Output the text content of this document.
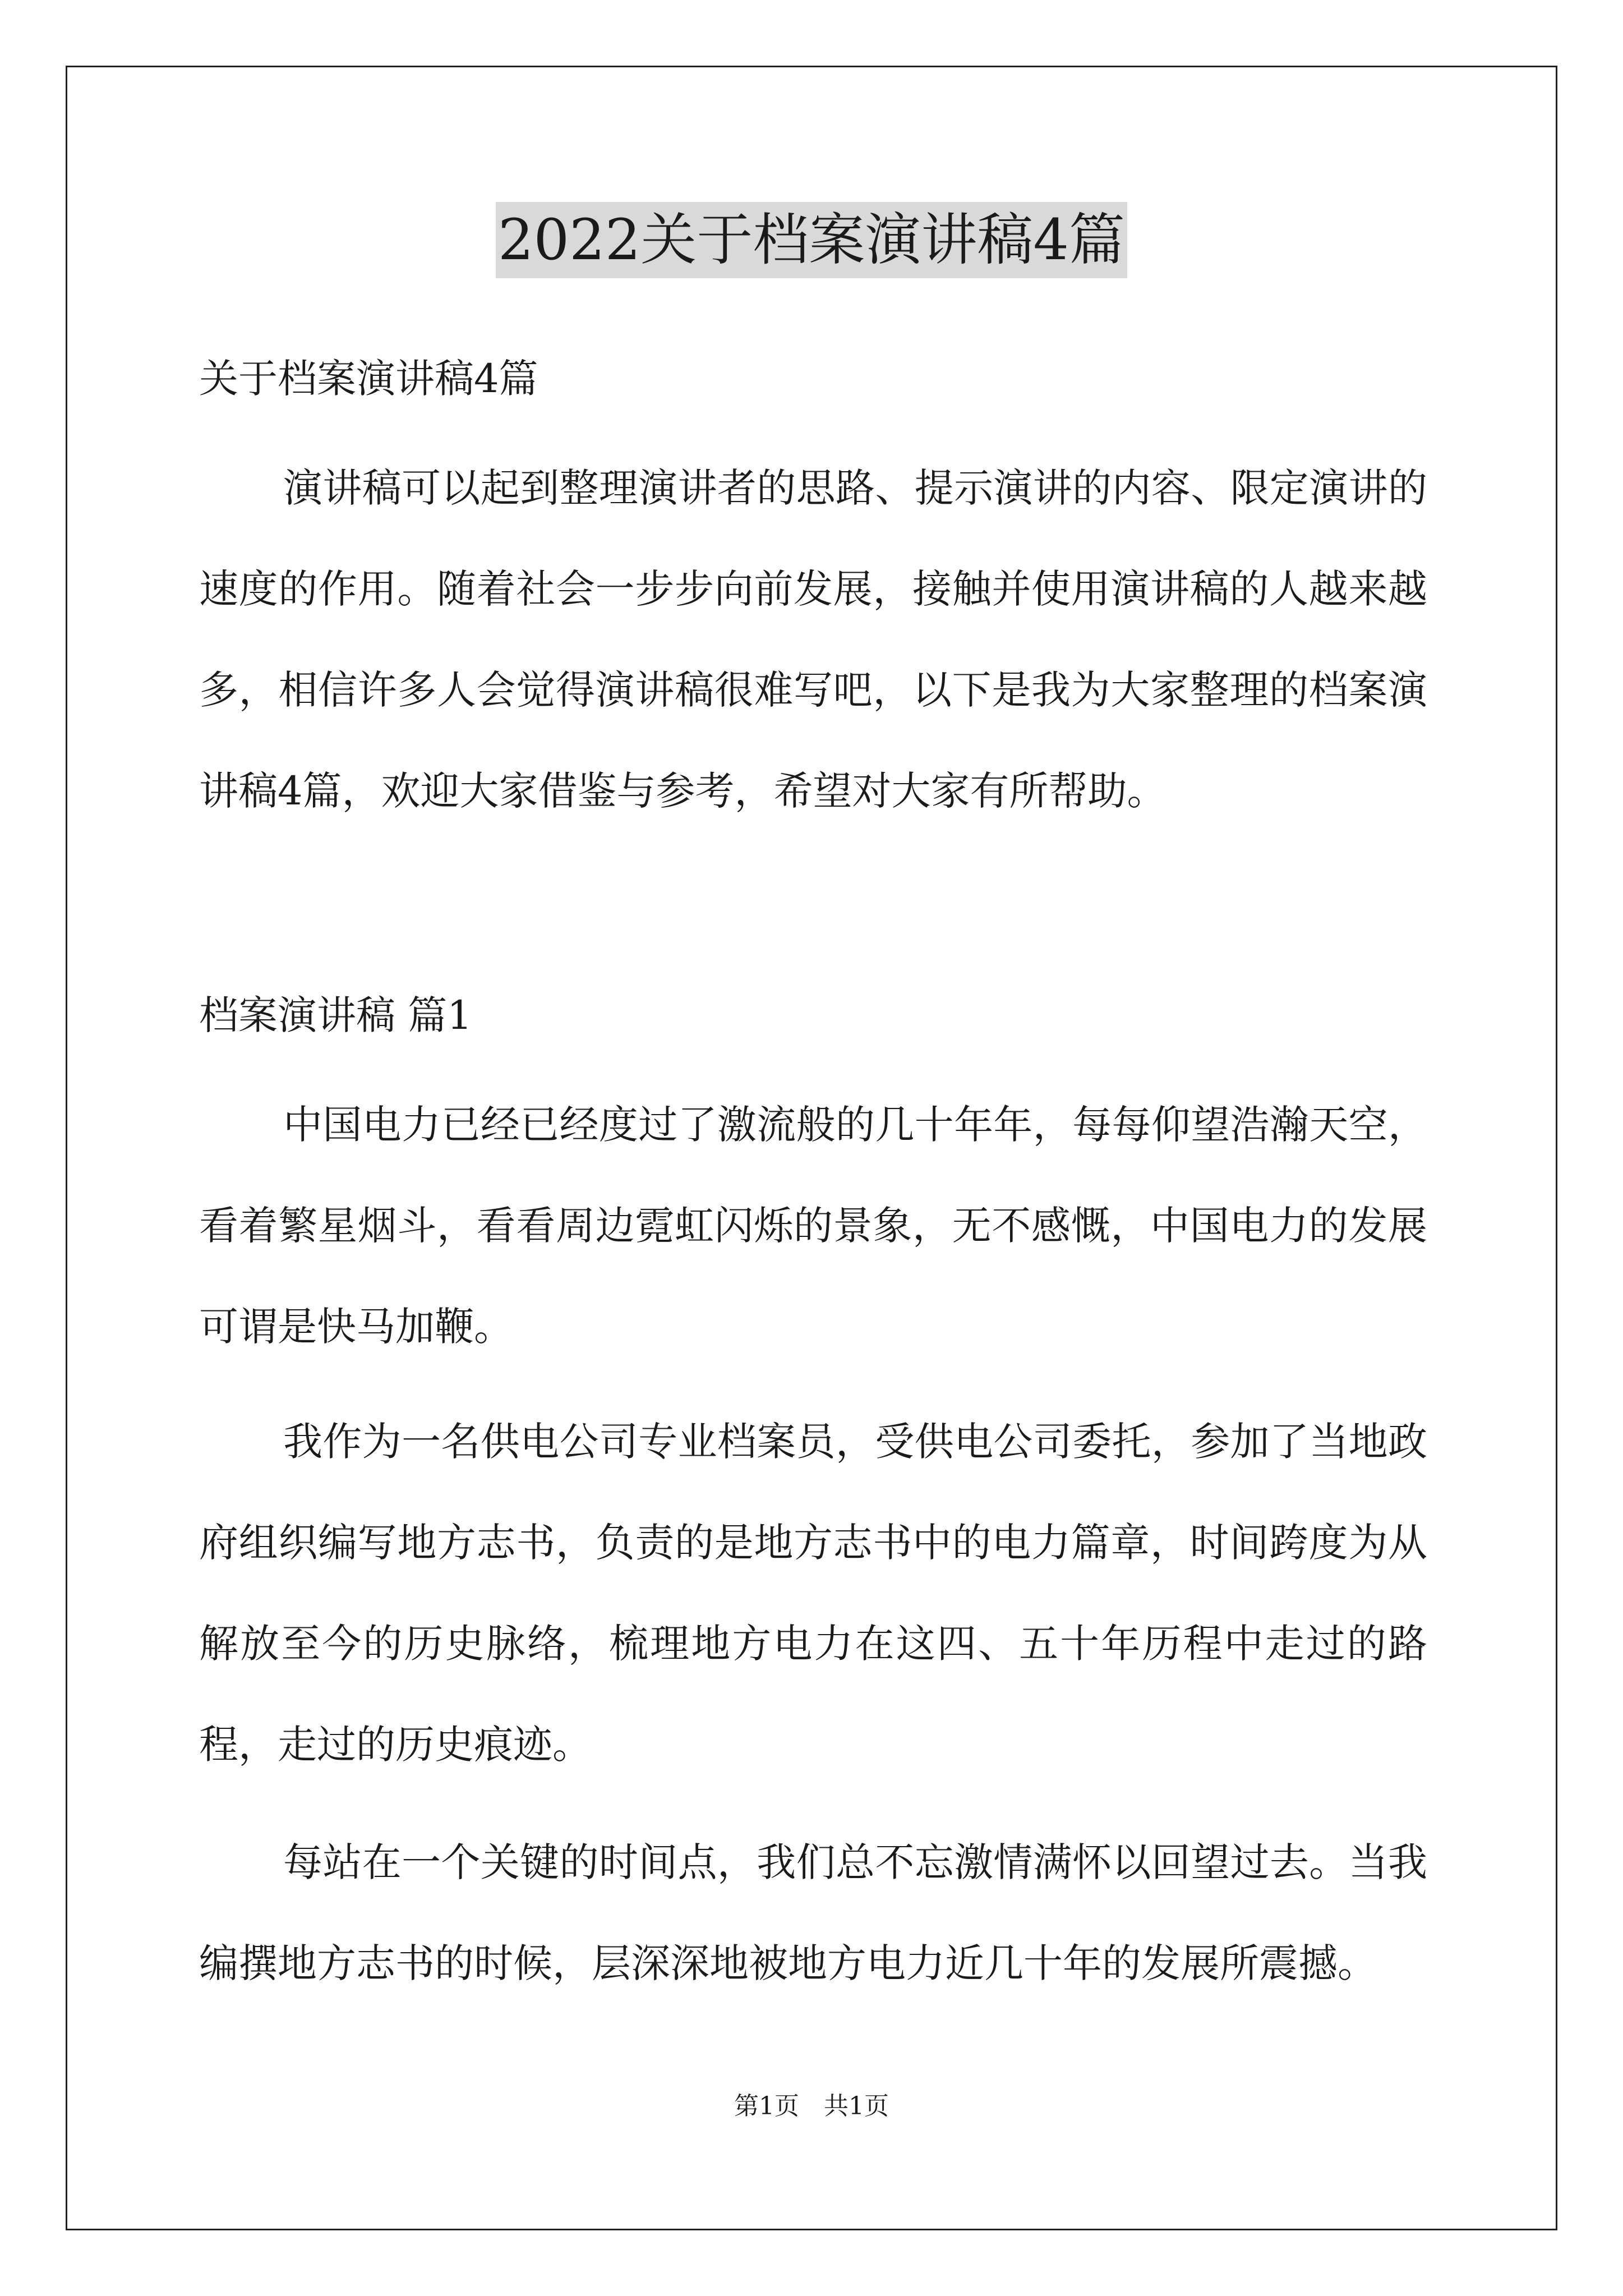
2022关于档案演讲稿4篇
关于档案演讲稿4篇

演讲稿可以起到整理演讲者的思路、提示演讲的内容、限定演讲的速度的作用。随着社会一步步向前发展，接触并使用演讲稿的人越来越多，相信许多人会觉得演讲稿很难写吧，以下是我为大家整理的档案演讲稿4篇，欢迎大家借鉴与参考，希望对大家有所帮助。

档案演讲稿 篇1

中国电力已经已经度过了激流般的几十年年，每每仰望浩瀚天空，看着繁星烟斗，看看周边霓虹闪烁的景象，无不感慨，中国电力的发展可谓是快马加鞭。

我作为一名供电公司专业档案员，受供电公司委托，参加了当地政府组织编写地方志书，负责的是地方志书中的电力篇章，时间跨度为从解放至今的历史脉络，梳理地方电力在这四、五十年历程中走过的路程，走过的历史痕迹。

每站在一个关键的时间点，我们总不忘激情满怀以回望过去。当我编撰地方志书的时候，层深深地被地方电力近几十年的发展所震撼。

第1页　共1页
